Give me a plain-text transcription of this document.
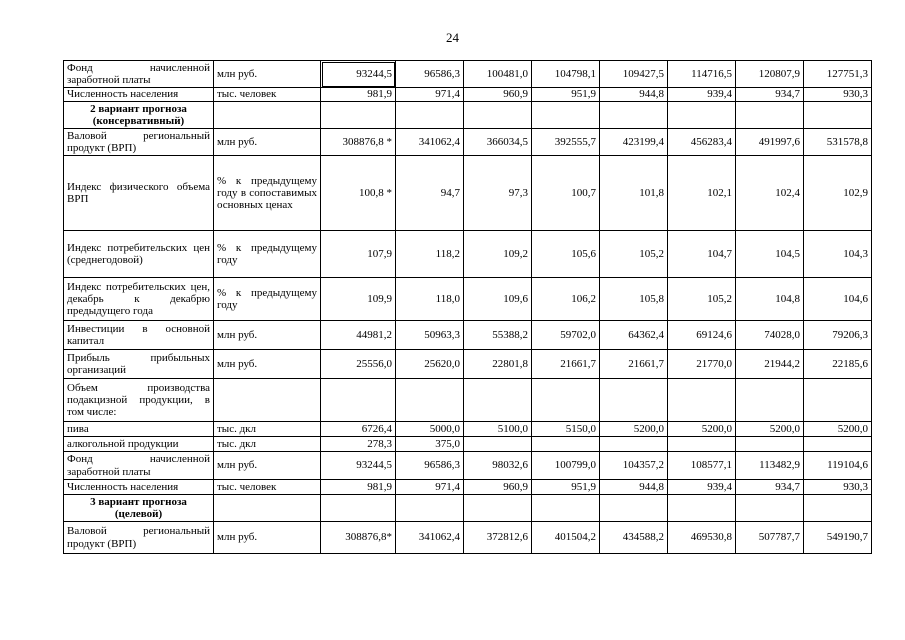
24
Фонд начисленной заработной платы	млн руб.	93244,5	96586,3	100481,0	104798,1	109427,5	114716,5	120807,9	127751,3
Численность населения	тыс. человек	981,9	971,4	960,9	951,9	944,8	939,4	934,7	930,3
2 вариант прогноза (консервативный)									
Валовой региональный продукт (ВРП)	млн руб.	308876,8 *	341062,4	366034,5	392555,7	423199,4	456283,4	491997,6	531578,8
Индекс физического объема ВРП	% к предыдущему году в сопоставимых основных ценах	100,8 *	94,7	97,3	100,7	101,8	102,1	102,4	102,9
Индекс потребительских цен (среднегодовой)	% к предыдущему году	107,9	118,2	109,2	105,6	105,2	104,7	104,5	104,3
Индекс потребительских цен, декабрь к декабрю предыдущего года	% к предыдущему году	109,9	118,0	109,6	106,2	105,8	105,2	104,8	104,6
Инвестиции в основной капитал	млн руб.	44981,2	50963,3	55388,2	59702,0	64362,4	69124,6	74028,0	79206,3
Прибыль прибыльных организаций	млн руб.	25556,0	25620,0	22801,8	21661,7	21661,7	21770,0	21944,2	22185,6
Объем производства подакцизной продукции, в том числе:									
пива	тыс. дкл	6726,4	5000,0	5100,0	5150,0	5200,0	5200,0	5200,0	5200,0
алкогольной продукции	тыс. дкл	278,3	375,0						
Фонд начисленной заработной платы	млн руб.	93244,5	96586,3	98032,6	100799,0	104357,2	108577,1	113482,9	119104,6
Численность населения	тыс. человек	981,9	971,4	960,9	951,9	944,8	939,4	934,7	930,3
3 вариант прогноза (целевой)									
Валовой региональный продукт (ВРП)	млн руб.	308876,8*	341062,4	372812,6	401504,2	434588,2	469530,8	507787,7	549190,7
